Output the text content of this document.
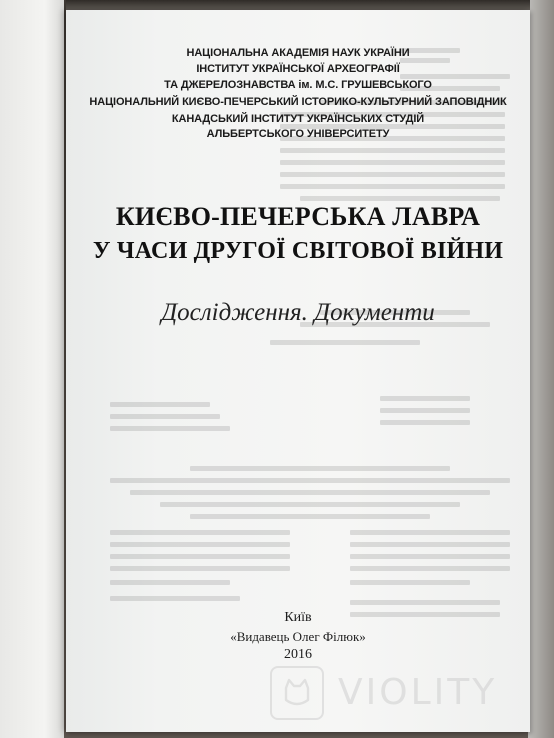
НАЦІОНАЛЬНА АКАДЕМІЯ НАУК УКРАЇНИ
ІНСТИТУТ УКРАЇНСЬКОЇ АРХЕОГРАФІЇ
ТА ДЖЕРЕЛОЗНАВСТВА ім. М.С. ГРУШЕВСЬКОГО
НАЦІОНАЛЬНИЙ КИЄВО-ПЕЧЕРСЬКИЙ ІСТОРИКО-КУЛЬТУРНИЙ ЗАПОВІДНИК
КАНАДСЬКИЙ ІНСТИТУТ УКРАЇНСЬКИХ СТУДІЙ
АЛЬБЕРТСЬКОГО УНІВЕРСИТЕТУ
КИЄВО-ПЕЧЕРСЬКА ЛАВРА
У ЧАСИ ДРУГОЇ СВІТОВОЇ ВІЙНИ
Дослідження. Документи
Київ
«Видавець Олег Філюк»
2016
VIOLITY
